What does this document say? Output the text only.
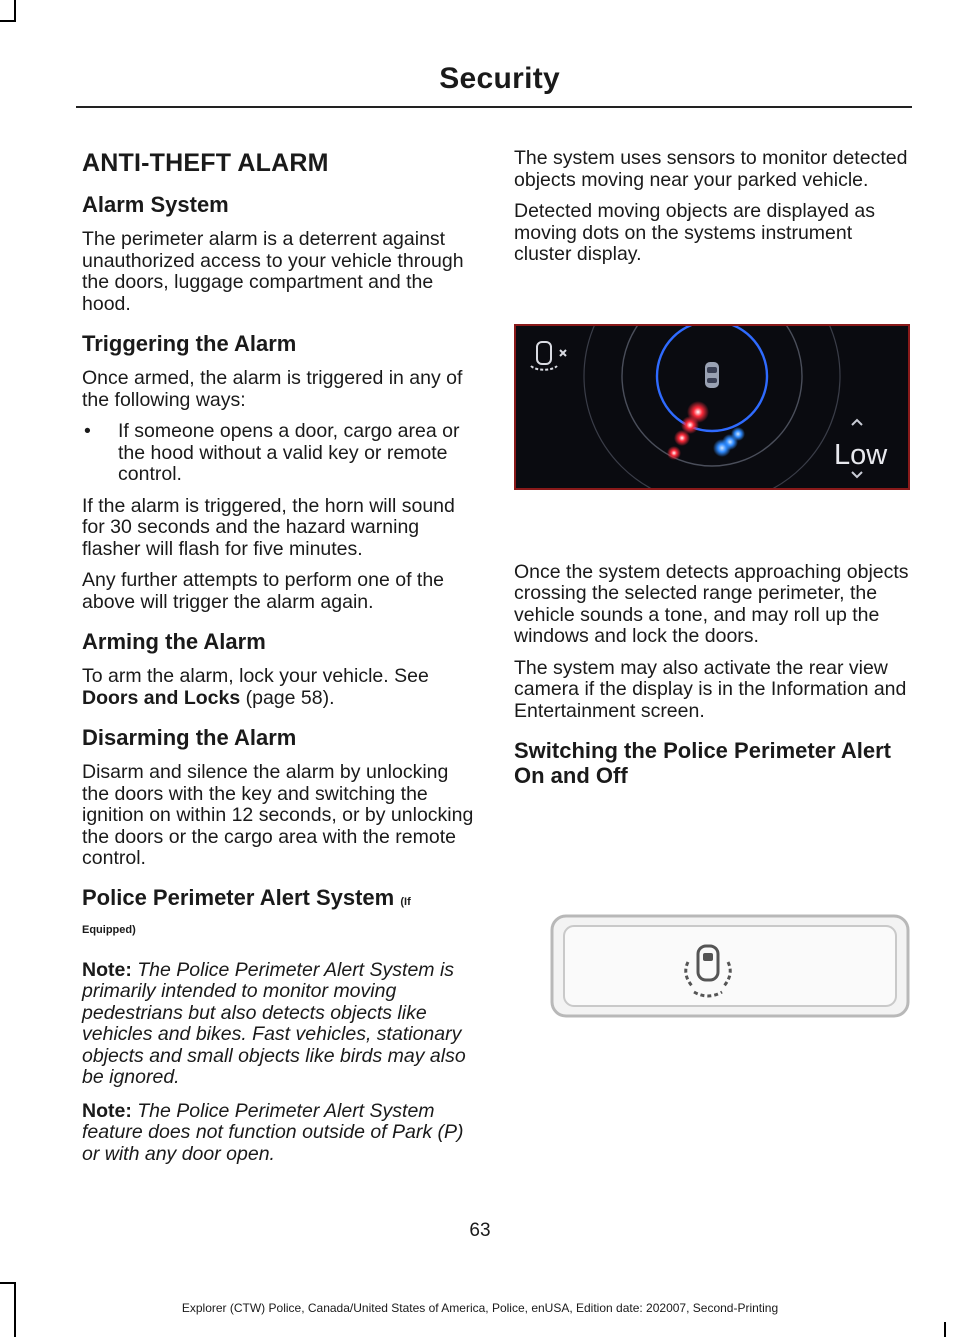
Security
ANTI-THEFT ALARM
Alarm System

The perimeter alarm is a deterrent against unauthorized access to your vehicle through the doors, luggage compartment and the hood.

Triggering the Alarm

Once armed, the alarm is triggered in any of the following ways:

•	If someone opens a door, cargo area or the hood without a valid key or remote control.

If the alarm is triggered, the horn will sound for 30 seconds and the hazard warning flasher will flash for five minutes.

Any further attempts to perform one of the above will trigger the alarm again.

Arming the Alarm

To arm the alarm, lock your vehicle. See
Doors and Locks (page 58).

Disarming the Alarm

Disarm and silence the alarm by unlocking the doors with the key and switching the ignition on within 12 seconds, or by unlocking the doors or the cargo area with the remote control.

Police Perimeter Alert System (If
Equipped)

Note: The Police Perimeter Alert System is primarily intended to monitor moving pedestrians but also detects objects like vehicles and bikes. Fast vehicles, stationary objects and small objects like birds may also be ignored.

Note: The Police Perimeter Alert System feature does not function outside of Park (P) or with any door open.

The system uses sensors to monitor detected objects moving near your parked vehicle.

Detected moving objects are displayed as moving dots on the systems instrument cluster display.

Low

Once the system detects approaching objects crossing the selected range perimeter, the vehicle sounds a tone, and may roll up the windows and lock the doors.

The system may also activate the rear view camera if the display is in the Information and Entertainment screen.

Switching the Police Perimeter Alert On and Off
63
Explorer (CTW) Police, Canada/United States of America, Police, enUSA, Edition date: 202007, Second-Printing
